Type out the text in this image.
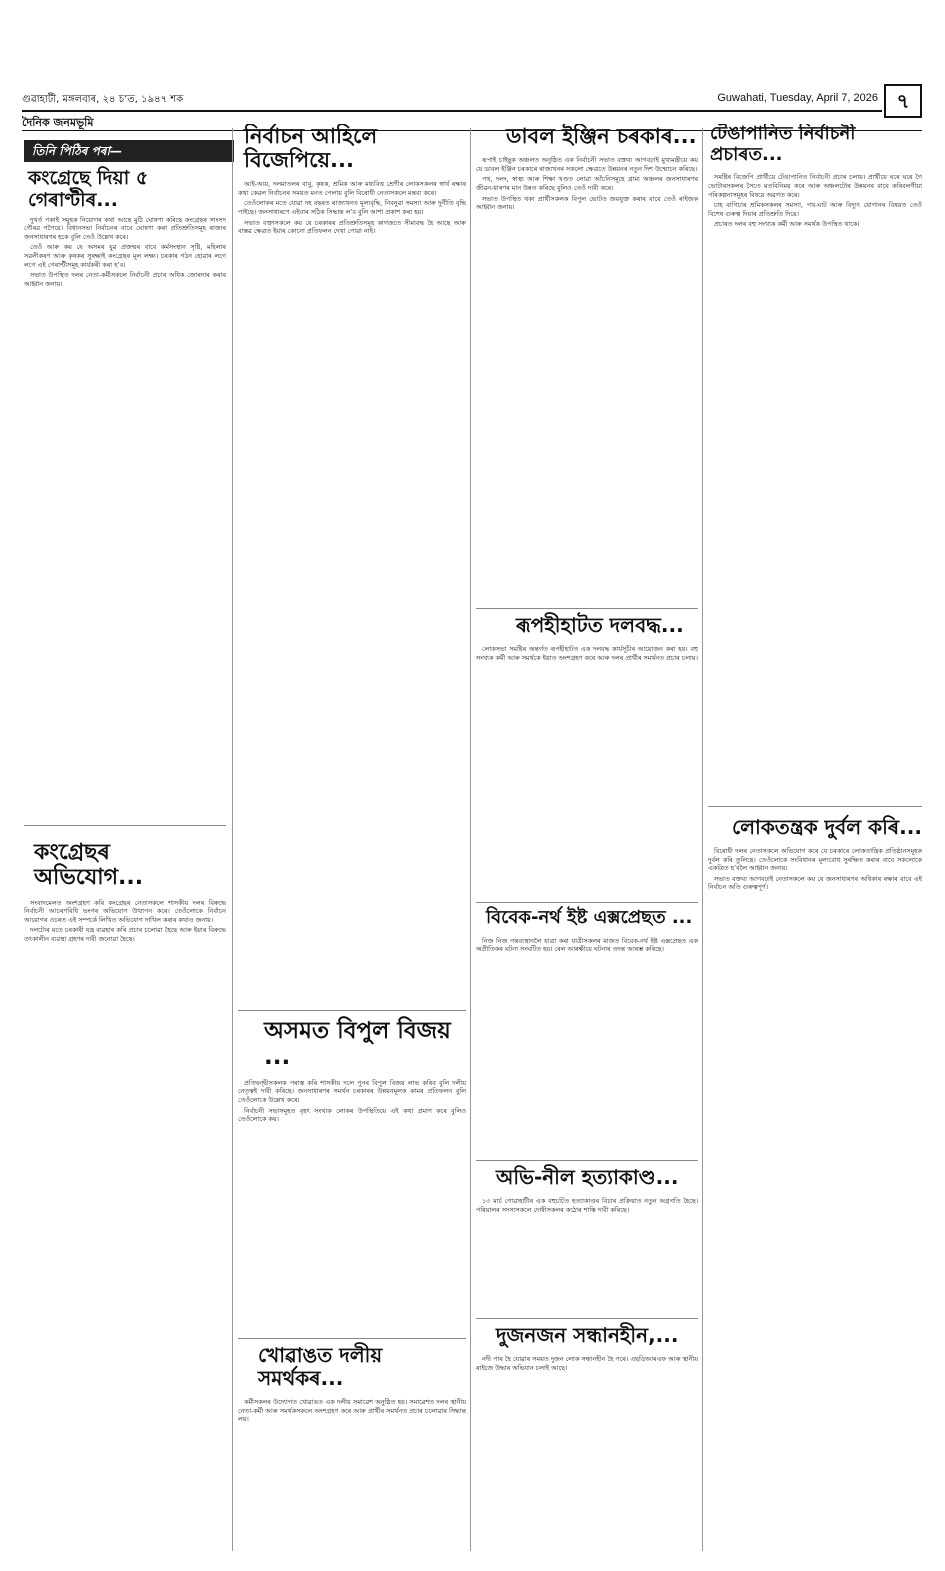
গুৱাহাটী, মঙ্গলবাৰ, ২৪ চ’ত, ১৯৪৭ শক	Guwahati, Tuesday, April 7, 2026 ৭
দৈনিক জনমভূমি
তিনি পিঠিৰ পৰা—
কংগ্ৰেছে দিয়া ৫ গেৰাণ্টীৰ...

দুখৰ্ত পকাই সমুহক নিয়োগৰ কথা আছে মুঠি ঘোষণা কৰিছে কংগ্ৰেছৰ সাংসদ গৌৰৱ গগৈয়ে। বিধানসভা নিৰ্বাচনৰ বাবে ঘোষণা কৰা প্ৰতিশ্ৰুতিসমূহ ৰাজ্যৰ জনসাধাৰণৰ হকে বুলি তেওঁ উল্লেখ কৰে।

তেওঁ আৰু কয় যে অসমৰ যুৱ প্ৰজন্মৰ বাবে কৰ্মসংস্থান সৃষ্টি, মহিলাৰ সৱলীকৰণ আৰু কৃষকৰ সুৰক্ষাই কংগ্ৰেছৰ মূল লক্ষ্য। চৰকাৰ গঠন হোৱাৰ লগে লগে এই গেৰাণ্টীসমূহ কাৰ্যকৰী কৰা হ’ব।

সভাত উপস্থিত দলৰ নেতা-কৰ্মীসকলে নিৰ্বাচনী প্ৰচাৰ অধিক জোৰদাৰ কৰাৰ আহ্বান জনায়।

কংগ্ৰেছৰ অভিযোগ...

সংবাদমেলত অংশগ্ৰহণ কৰি কংগ্ৰেছৰ নেতাসকলে শাসকীয় দলৰ বিৰুদ্ধে নিৰ্বাচনী আচৰণবিধি ভংগৰ অভিযোগ উত্থাপন কৰে। তেওঁলোকে নিৰ্বাচন আয়োগৰ ওচৰত এই সম্পৰ্কে লিখিত অভিযোগ দাখিল কৰাৰ কথাও জনায়।

দলটোৰ মতে চৰকাৰী যন্ত্ৰ ব্যৱহাৰ কৰি প্ৰচাৰ চলোৱা হৈছে আৰু ইয়াৰ বিৰুদ্ধে তৎকালীন ব্যৱস্থা গ্ৰহণৰ দাবী জনোৱা হৈছে।

নিৰ্বাচন আহিলে বিজেপিয়ে...

আই-আয়, দলমাতলৰ বাবু, কৃষক, শ্ৰমিক আৰু মধ্যবিত্ত শ্ৰেণীৰ লোকসকলৰ স্বাৰ্থ ৰক্ষাৰ কথা কেৱল নিৰ্বাচনৰ সময়ত মনত পেলায় বুলি বিৰোধী নেতাসকলে মন্তব্য কৰে।

তেওঁলোকৰ মতে যোৱা দহ বছৰত ৰাজ্যখনত মূল্যবৃদ্ধি, নিবনুৱা সমস্যা আৰু দুৰ্নীতি বৃদ্ধি পাইছে। জনসাধাৰণে এইবাৰ সঠিক সিদ্ধান্ত ল’ব বুলি আশা প্ৰকাশ কৰা হয়।

সভাত বক্তাসকলে কয় যে চৰকাৰৰ প্ৰতিশ্ৰুতিসমূহ কাগজতে সীমাবদ্ধ হৈ আছে আৰু বাস্তৱ ক্ষেত্ৰত ইয়াৰ কোনো প্ৰতিফলন দেখা পোৱা নাই।

অসমত বিপুল বিজয় ...

প্ৰতিদ্বন্দ্বীসকলক পৰাস্ত কৰি শাসকীয় দলে পুনৰ বিপুল বিজয় লাভ কৰিব বুলি দলীয় নেতৃত্বই দাবী কৰিছে। জনসাধাৰণৰ সমৰ্থন চৰকাৰৰ উন্নয়নমূলক কামৰ প্ৰতিফলন বুলি তেওঁলোকে উল্লেখ কৰে।

নিৰ্বাচনী সভাসমূহত বৃহৎ সংখ্যক লোকৰ উপস্থিতিয়ে এই কথা প্ৰমাণ কৰে বুলিও তেওঁলোকে কয়।

খোৱাঙত দলীয় সমৰ্থকৰ...

কৰ্মীসকলৰ উদ্যোগত খোৱাঙত এক দলীয় সমাৱেশ অনুষ্ঠিত হয়। সমাৱেশত দলৰ স্থানীয় নেতা-কৰ্মী আৰু সমৰ্থকসকলে অংশগ্ৰহণ কৰে আৰু প্ৰাৰ্থীৰ সমৰ্থনত প্ৰচাৰ চলোৱাৰ সিদ্ধান্ত লয়।

ডাবল ইঞ্জিন চৰকাৰ...

ৰূপাই চাইছুক অঞ্চলত অনুষ্ঠিত এক নিৰ্বাচনী সভাত বক্তব্য আগবঢ়াই মুখ্যমন্ত্ৰীয়ে কয় যে ডাবল ইঞ্জিন চৰকাৰে ৰাজ্যখনৰ সকলো ক্ষেত্ৰতে উন্নয়নৰ নতুন দিশ উন্মোচন কৰিছে।

পথ, দলং, স্বাস্থ্য আৰু শিক্ষা খণ্ডত লোৱা আঁচনিসমূহে গ্ৰাম্য অঞ্চলৰ জনসাধাৰণৰ জীৱন-ধাৰণৰ মান উন্নত কৰিছে বুলিও তেওঁ দাবী কৰে।

সভাত উপস্থিত থকা প্ৰাৰ্থীসকলক বিপুল ভোটত জয়যুক্ত কৰাৰ বাবে তেওঁ ৰাইজক আহ্বান জনায়।

ৰূপহীহাটত দলবদ্ধ...

লোকসভা সমষ্টিৰ অন্তৰ্গত ৰূপহীহাটত এক দলবদ্ধ কাৰ্যসূচীৰ আয়োজন কৰা হয়। বহু সংখ্যক কৰ্মী আৰু সমৰ্থকে ইয়াত অংশগ্ৰহণ কৰে আৰু দলৰ প্ৰাৰ্থীৰ সমৰ্থনত প্ৰচাৰ চলায়।

বিবেক-নৰ্থ ইষ্ট এক্সপ্ৰেছত ...

নিজ নিজ গন্তব্যস্থানলৈ যাত্ৰা কৰা যাত্ৰীসকলৰ মাজত বিবেক-নৰ্থ ইষ্ট এক্সপ্ৰেছত এক অপ্ৰীতিকৰ ঘটনা সংঘটিত হয়। ৰেল আৰক্ষীয়ে ঘটনাৰ তদন্ত আৰম্ভ কৰিছে।

অভি-নীল হত্যাকাণ্ড...

১৩ মাৰ্চ গোৱাহাটীৰ এক বহুচৰ্চিত হত্যাকাণ্ডৰ বিচাৰ প্ৰক্ৰিয়াত নতুন অগ্ৰগতি হৈছে। পৰিয়ালৰ সদস্যসকলে দোষীসকলৰ কঠোৰ শাস্তি দাবী কৰিছে।

দুজনজন সন্ধানহীন,...

নদী পাৰ হৈ যোৱাৰ সময়ত দুজন লোক সন্ধানহীন হৈ পৰে। এছডিআৰএফ আৰু স্থানীয় ৰাইজে উদ্ধাৰ অভিযান চলাই আছে।

টেঙাপানিত নিৰ্বাচনী প্ৰচাৰত...

সমষ্টিৰ বিজেপি প্ৰাৰ্থীয়ে টেঙাপানিত নিৰ্বাচনী প্ৰচাৰ চলায়। প্ৰাৰ্থীয়ে ঘৰে ঘৰে গৈ ভোটাৰসকলৰ সৈতে মতবিনিময় কৰে আৰু অঞ্চলটোৰ উন্নয়নৰ বাবে কৰিবলগীয়া পৰিকল্পনাসমূহৰ বিষয়ে অৱগত কৰে।

চাহ বাগিচাৰ শ্ৰমিকসকলৰ সমস্যা, পথ-ঘাট আৰু বিদ্যুৎ যোগানৰ বিষয়ত তেওঁ বিশেষ গুৰুত্ব দিয়াৰ প্ৰতিশ্ৰুতি দিয়ে।

প্ৰচাৰত দলৰ বহু সংখ্যক কৰ্মী আৰু সমৰ্থক উপস্থিত থাকে।

লোকতন্ত্ৰক দুৰ্বল কৰি...

বিৰোধী দলৰ নেতাসকলে অভিযোগ কৰে যে চৰকাৰে লোকতান্ত্ৰিক প্ৰতিষ্ঠানসমূহক দুৰ্বল কৰি তুলিছে। তেওঁলোকে সংবিধানৰ মূল্যবোধ সুৰক্ষিত কৰাৰ বাবে সকলোকে একত্ৰিত হ’বলৈ আহ্বান জনায়।

সভাত বক্তব্য আগবঢ়াই নেতাসকলে কয় যে জনসাধাৰণৰ অধিকাৰ ৰক্ষাৰ বাবে এই নিৰ্বাচন অতি গুৰুত্বপূৰ্ণ।
